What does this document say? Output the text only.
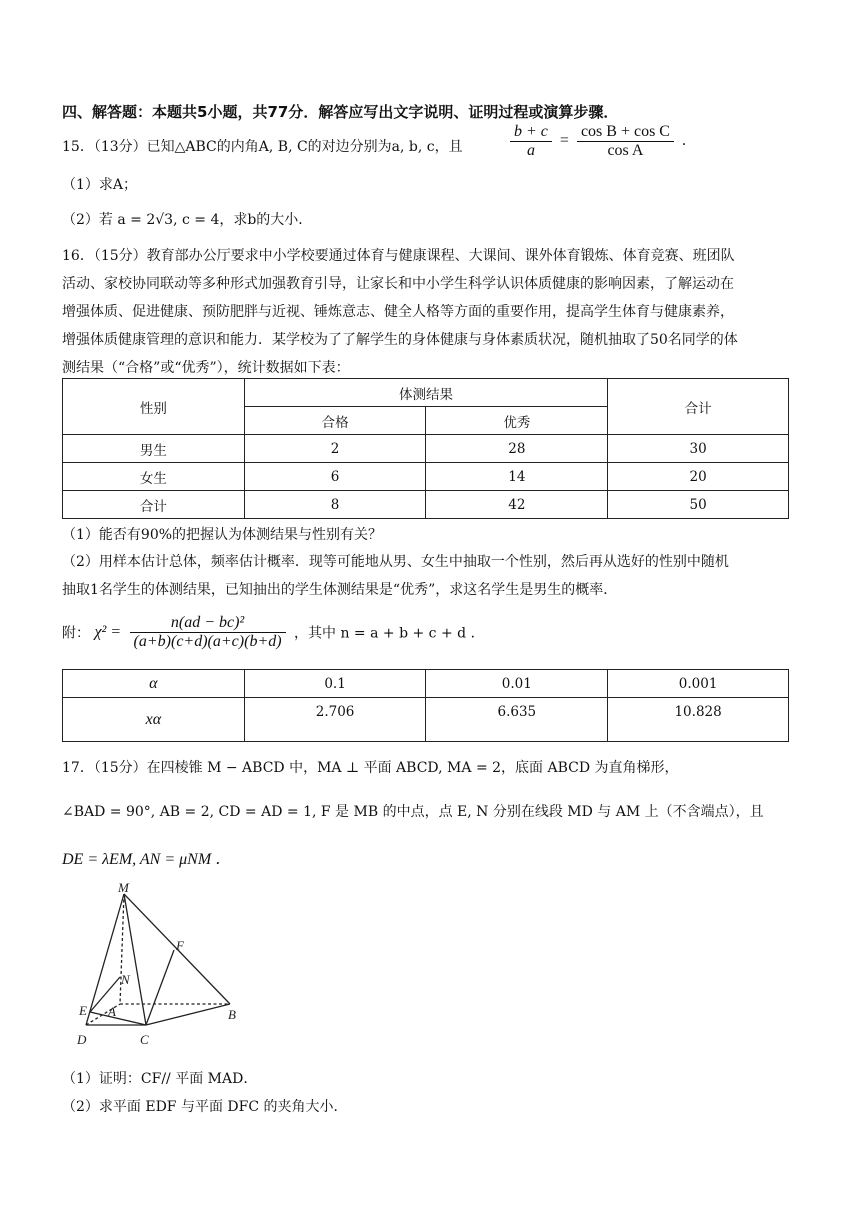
四、解答题：本题共5小题，共77分．解答应写出文字说明、证明过程或演算步骤．
15．（13分）已知△ABC的内角A, B, C的对边分别为a, b, c，且	$\frac{b + c}{a} = \frac{\text{cos B + cos C}}{\text{cos A}}$ .
（1）求A；
（2）若 a = 2√3, c = 4，求b的大小．
16．（15分）教育部办公厅要求中小学校要通过体育与健康课程、大课间、课外体育锻炼、体育竞赛、班团队
活动、家校协同联动等多种形式加强教育引导，让家长和中小学生科学认识体质健康的影响因素，了解运动在
增强体质、促进健康、预防肥胖与近视、锤炼意志、健全人格等方面的重要作用，提高学生体育与健康素养，
增强体质健康管理的意识和能力．某学校为了了解学生的身体健康与身体素质状况，随机抽取了50名同学的体
测结果（“合格”或“优秀”），统计数据如下表：
性别	体测结果		合计
	合格	优秀	
男生	2	28	30
女生	6	14	20
合计	8	42	50
（1）能否有90%的把握认为体测结果与性别有关？
（2）用样本估计总体，频率估计概率．现等可能地从男、女生中抽取一个性别，然后再从选好的性别中随机
抽取1名学生的体测结果，已知抽出的学生体测结果是“优秀”，求这名学生是男生的概率．
附： $\chi^2 = \frac{\text{n(ad − bc)²}}{(a+b)(c+d)(a+c)(b+d)}$ ，其中 n = a + b + c + d ．
α	0.1	0.01	0.001
xα	2.706	6.635	10.828
17．（15分）在四棱锥 M − ABCD 中，MA ⊥ 平面 ABCD, MA = 2，底面 ABCD 为直角梯形，
∠BAD = 90°, AB = 2, CD = AD = 1, F 是 MB 的中点，点 E, N 分别在线段 MD 与 AM 上（不含端点），且
DE = λEM, AN = μNM ．
M
F
N
E A
D	C
B
（1）证明：CF// 平面 MAD．
（2）求平面 EDF 与平面 DFC 的夹角大小．
